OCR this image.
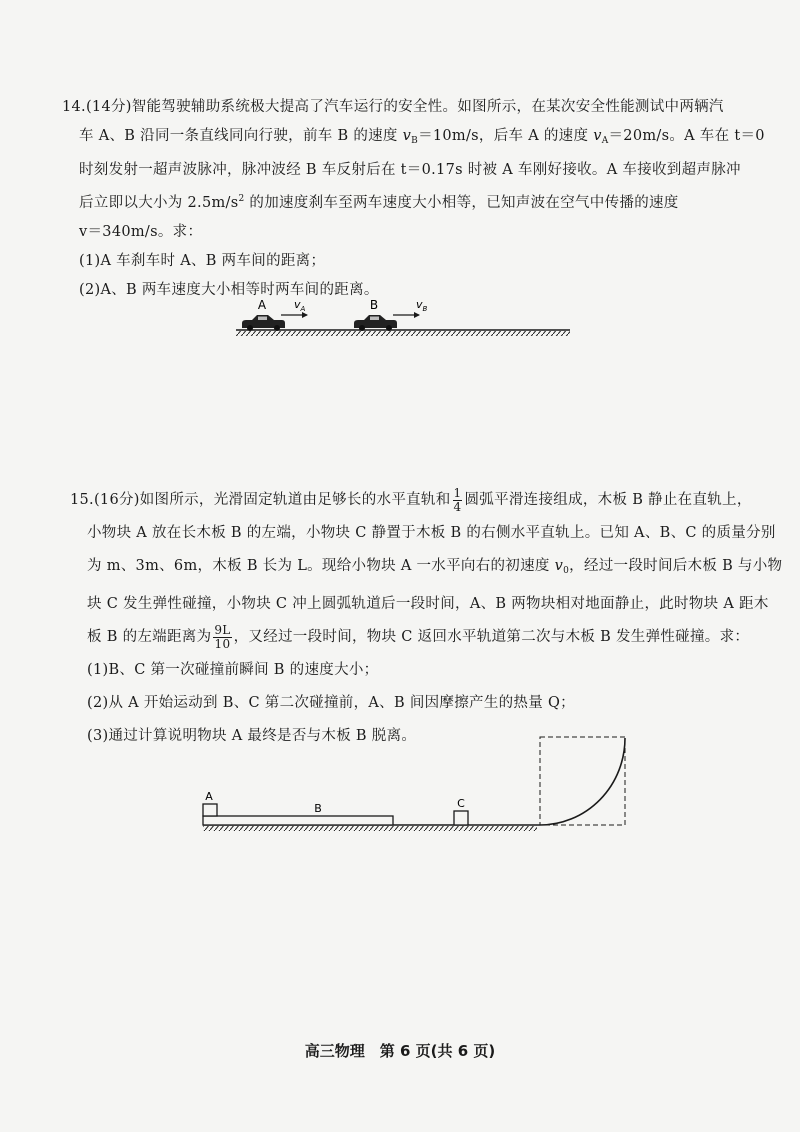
14.(14分)智能驾驶辅助系统极大提高了汽车运行的安全性。如图所示，在某次安全性能测试中两辆汽
车 A、B 沿同一条直线同向行驶，前车 B 的速度 $v_B=10m/s$，后车 A 的速度 $v_A=20m/s$。A 车在 t＝0
时刻发射一超声波脉冲，脉冲波经 B 车反射后在 t＝0.17s 时被 A 车刚好接收。A 车接收到超声脉冲
后立即以大小为 $2.5m/s^2$ 的加速度刹车至两车速度大小相等，已知声波在空气中传播的速度
v＝340m/s。求：
(1)A 车刹车时 A、B 两车间的距离；
(2)A、B 两车速度大小相等时两车间的距离。
A	B
$v_A$	$v_B$
15.(16分)如图所示，光滑固定轨道由足够长的水平直轨和 $\frac{1}{4}$ 圆弧平滑连接组成，木板 B 静止在直轨上，
小物块 A 放在长木板 B 的左端，小物块 C 静置于木板 B 的右侧水平直轨上。已知 A、B、C 的质量分别
为 m、3m、6m，木板 B 长为 L。现给小物块 A 一水平向右的初速度 $v_0$，经过一段时间后木板 B 与小物
块 C 发生弹性碰撞，小物块 C 冲上圆弧轨道后一段时间，A、B 两物块相对地面静止，此时物块 A 距木
板 B 的左端距离为 $\frac{9L}{10}$ ，又经过一段时间，物块 C 返回水平轨道第二次与木板 B 发生弹性碰撞。求：
(1)B、C 第一次碰撞前瞬间 B 的速度大小；
(2)从 A 开始运动到 B、C 第二次碰撞前，A、B 间因摩擦产生的热量 Q；
(3)通过计算说明物块 A 最终是否与木板 B 脱离。
A
B	C
高三物理　第 6 页(共 6 页)
